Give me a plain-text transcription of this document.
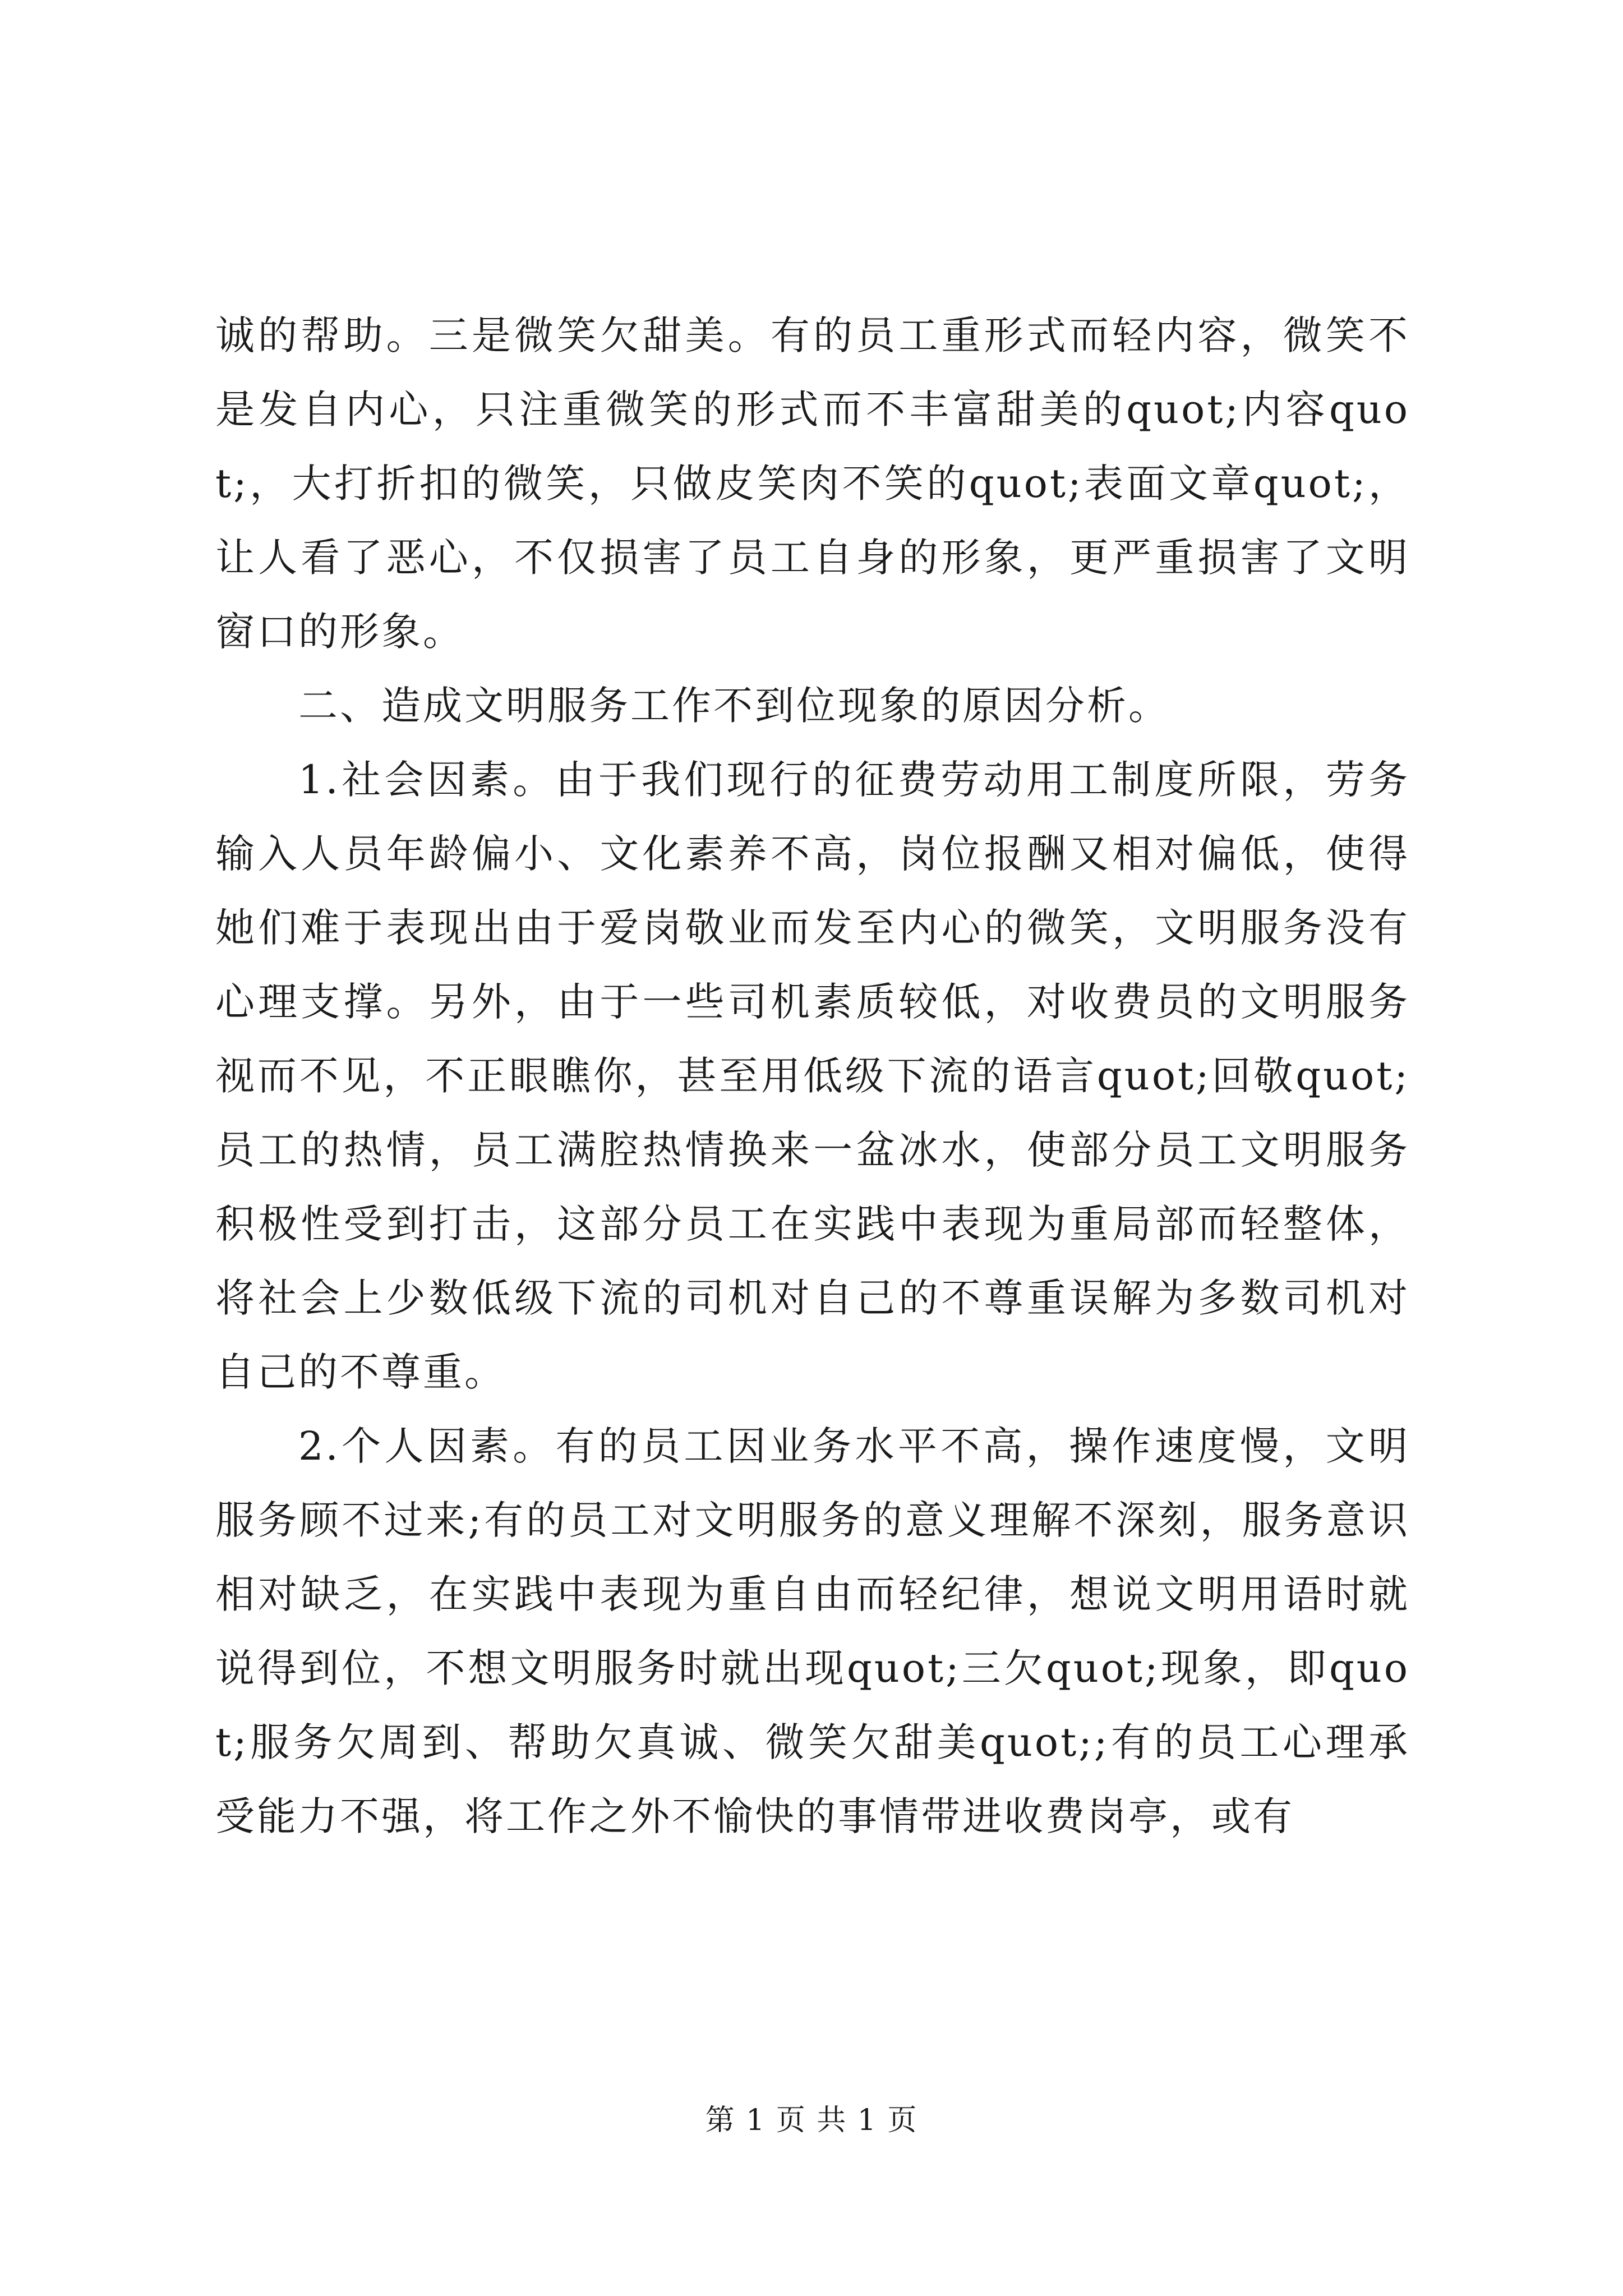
诚的帮助。三是微笑欠甜美。有的员工重形式而轻内容，微笑不是发自内心，只注重微笑的形式而不丰富甜美的quot;内容quot;，大打折扣的微笑，只做皮笑肉不笑的quot;表面文章quot;，让人看了恶心，不仅损害了员工自身的形象，更严重损害了文明窗口的形象。

二、造成文明服务工作不到位现象的原因分析。

1.社会因素。由于我们现行的征费劳动用工制度所限，劳务输入人员年龄偏小、文化素养不高，岗位报酬又相对偏低，使得她们难于表现出由于爱岗敬业而发至内心的微笑，文明服务没有心理支撑。另外，由于一些司机素质较低，对收费员的文明服务视而不见，不正眼瞧你，甚至用低级下流的语言quot;回敬quot;员工的热情，员工满腔热情换来一盆冰水，使部分员工文明服务积极性受到打击，这部分员工在实践中表现为重局部而轻整体，将社会上少数低级下流的司机对自己的不尊重误解为多数司机对自己的不尊重。

2.个人因素。有的员工因业务水平不高，操作速度慢，文明服务顾不过来;有的员工对文明服务的意义理解不深刻，服务意识相对缺乏，在实践中表现为重自由而轻纪律，想说文明用语时就说得到位，不想文明服务时就出现quot;三欠quot;现象，即quot;服务欠周到、帮助欠真诚、微笑欠甜美quot;;有的员工心理承受能力不强，将工作之外不愉快的事情带进收费岗亭，或有

第 1 页 共 1 页
